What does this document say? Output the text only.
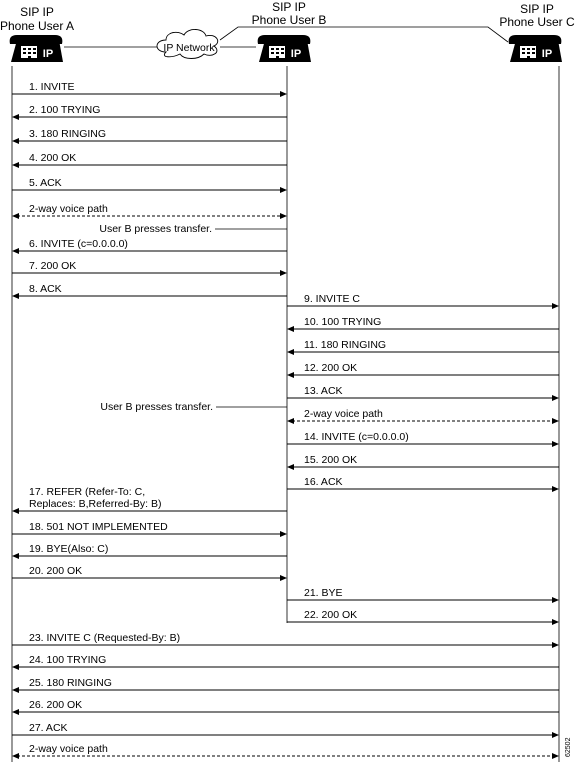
IP Network
SIP IP
Phone User A
SIP IP
Phone User B
SIP IP
Phone User C
IP	IP	IP
User B presses transfer.
User B presses transfer.
62502
1. INVITE
2. 100 TRYING
3. 180 RINGING
4. 200 OK
5. ACK
2-way voice path
6. INVITE (c=0.0.0.0)
7. 200 OK
8. ACK
9. INVITE C
10. 100 TRYING
11. 180 RINGING
12. 200 OK
13. ACK
2-way voice path
14. INVITE (c=0.0.0.0)
15. 200 OK
16. ACK
17. REFER (Refer-To: C,
Replaces: B,Referred-By: B)
18. 501 NOT IMPLEMENTED
19. BYE(Also: C)
20. 200 OK
21. BYE
22. 200 OK
23. INVITE C (Requested-By: B)
24. 100 TRYING
25. 180 RINGING
26. 200 OK
27. ACK
2-way voice path
